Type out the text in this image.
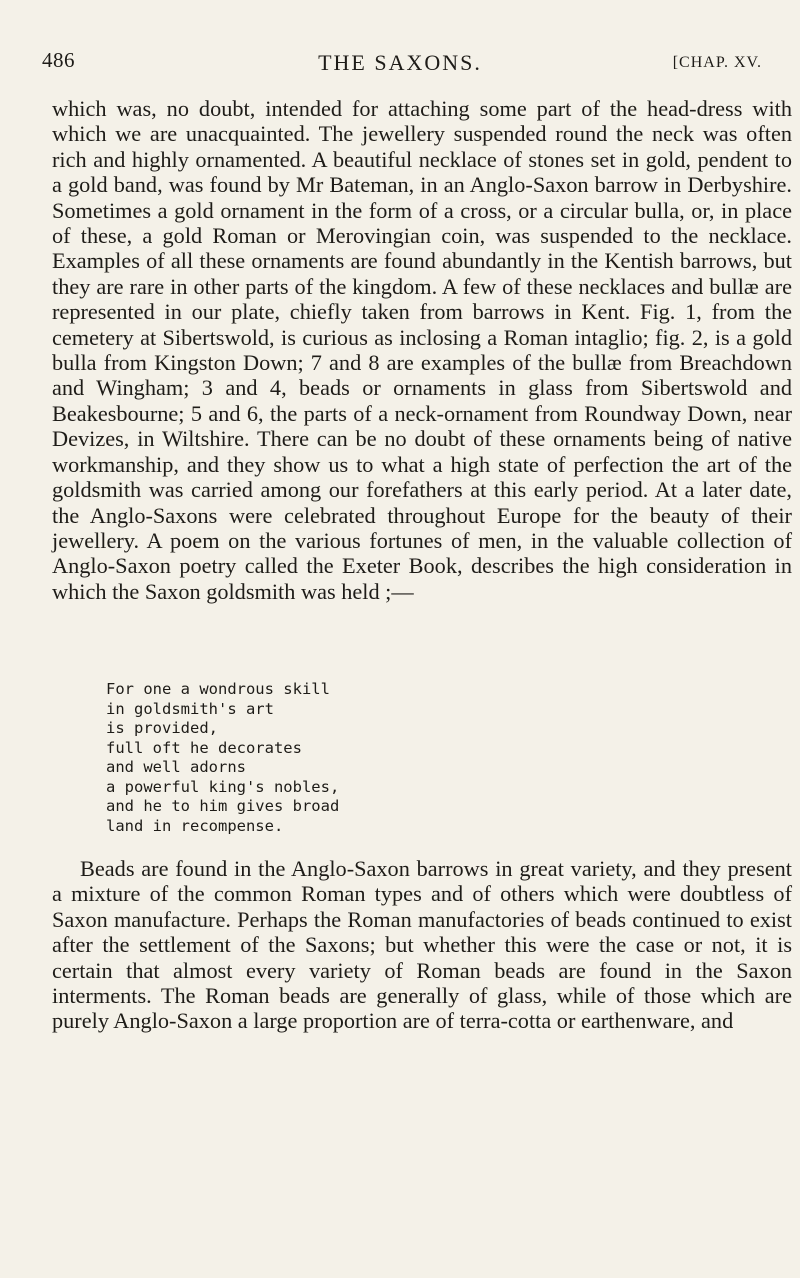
486	THE SAXONS.	[CHAP. XV.

which was, no doubt, intended for attaching some part of the head-dress with which we are unacquainted. The jewellery suspended round the neck was often rich and highly ornamented. A beautiful necklace of stones set in gold, pendent to a gold band, was found by Mr Bateman, in an Anglo-Saxon barrow in Derbyshire. Sometimes a gold ornament in the form of a cross, or a circular bulla, or, in place of these, a gold Roman or Merovingian coin, was suspended to the necklace. Examples of all these ornaments are found abundantly in the Kentish barrows, but they are rare in other parts of the kingdom. A few of these necklaces and bullæ are represented in our plate, chiefly taken from barrows in Kent. Fig. 1, from the cemetery at Sibertswold, is curious as inclosing a Roman intaglio; fig. 2, is a gold bulla from Kingston Down; 7 and 8 are examples of the bullæ from Breachdown and Wingham; 3 and 4, beads or ornaments in glass from Sibertswold and Beakesbourne; 5 and 6, the parts of a neck-ornament from Roundway Down, near Devizes, in Wiltshire. There can be no doubt of these ornaments being of native workmanship, and they show us to what a high state of perfection the art of the goldsmith was carried among our forefathers at this early period. At a later date, the Anglo-Saxons were celebrated throughout Europe for the beauty of their jewellery. A poem on the various fortunes of men, in the valuable collection of Anglo-Saxon poetry called the Exeter Book, describes the high consideration in which the Saxon goldsmith was held ;—

For one a wondrous skill
in goldsmith's art
is provided,
full oft he decorates
and well adorns
a powerful king's nobles,
and he to him gives broad
land in recompense.

Beads are found in the Anglo-Saxon barrows in great variety, and they present a mixture of the common Roman types and of others which were doubtless of Saxon manufacture. Perhaps the Roman manufactories of beads continued to exist after the settlement of the Saxons; but whether this were the case or not, it is certain that almost every variety of Roman beads are found in the Saxon interments. The Roman beads are generally of glass, while of those which are purely Anglo-Saxon a large proportion are of terra-cotta or earthenware, and
